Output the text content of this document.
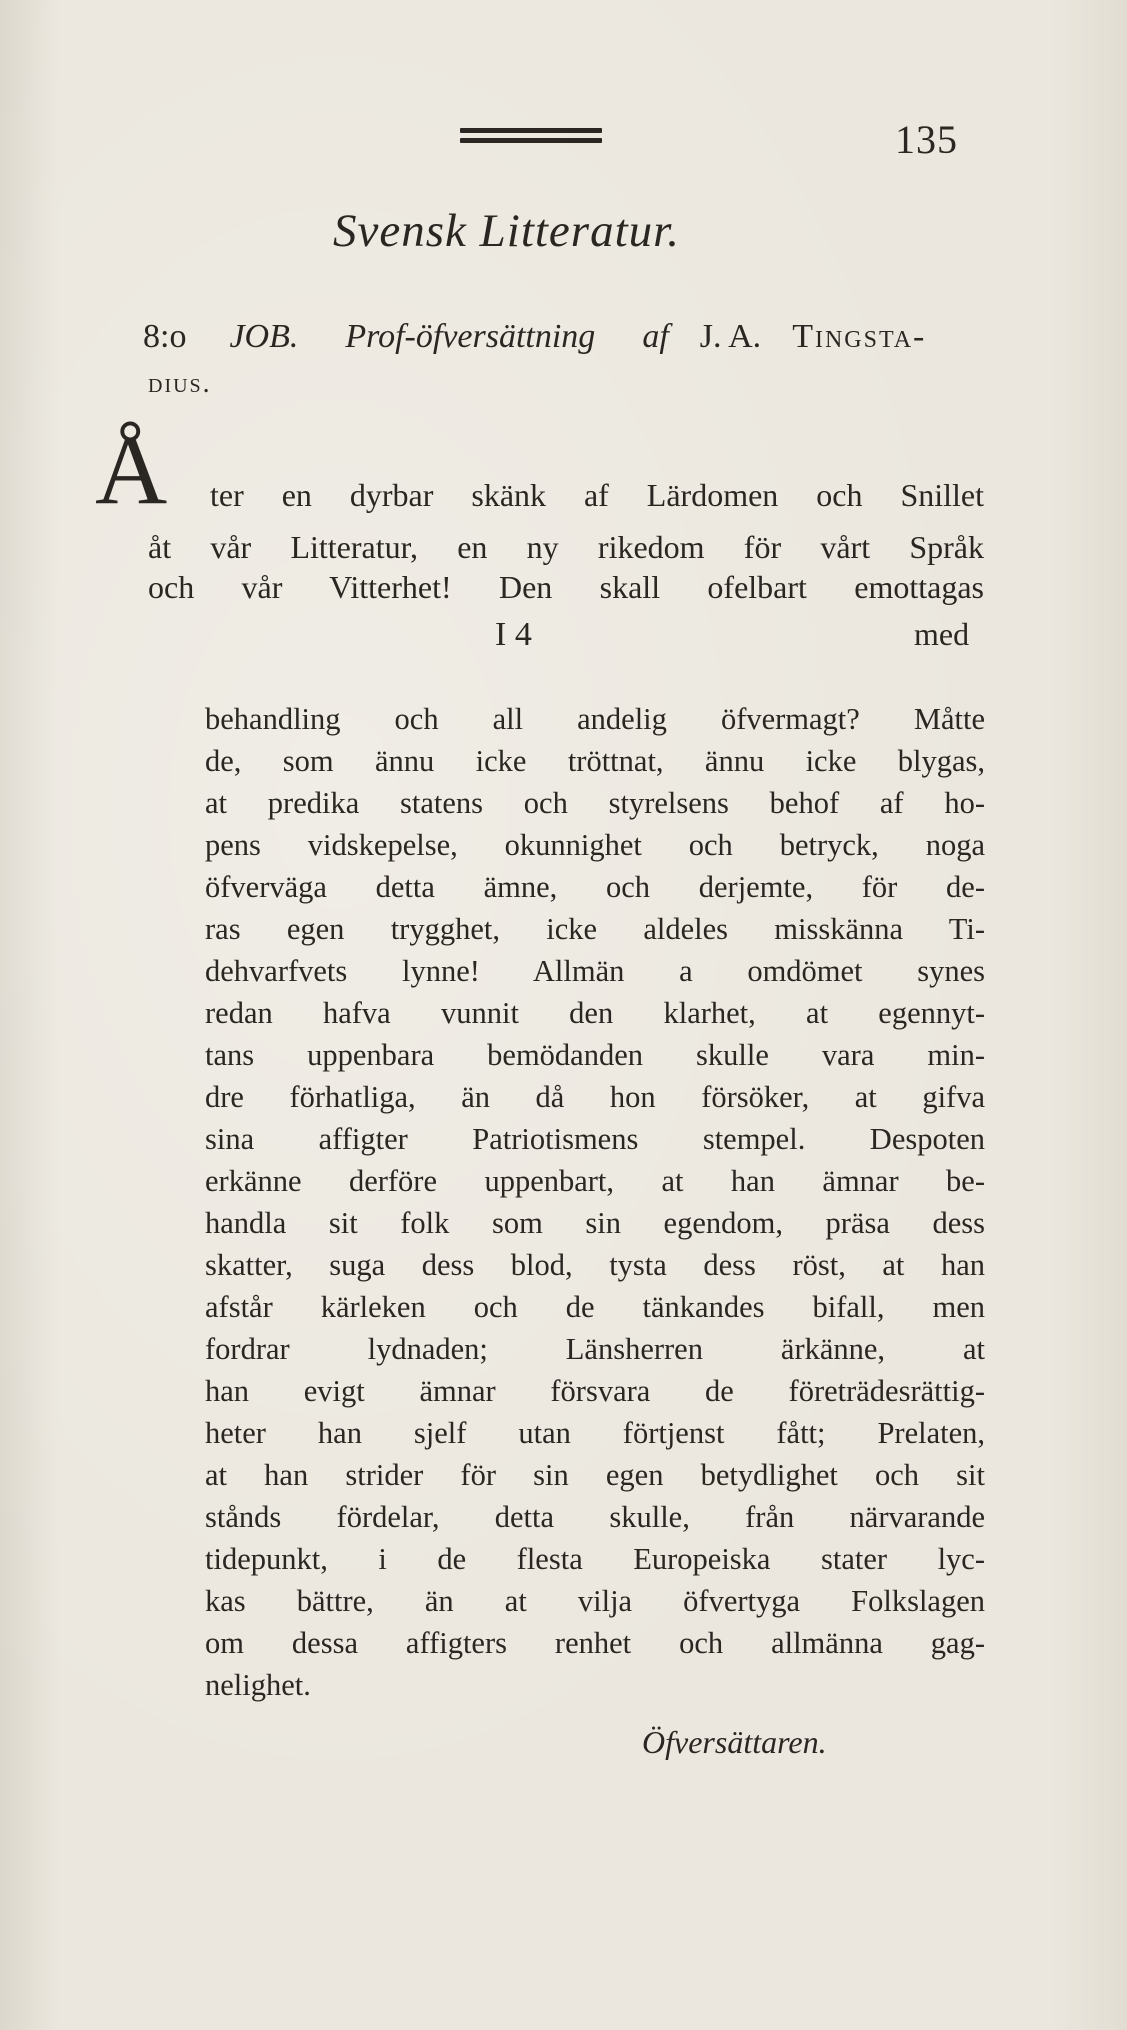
135
Svensk Litteratur.
8:o JOB. Prof-öfversättning af J. A. Tingsta-
dius.
Å ter en dyrbar skänk af Lärdomen och Snillet
åt vår Litteratur, en ny rikedom för vårt Språk
och vår Vitterhet! Den skall ofelbart emottagas
I 4	med
behandling och all andelig öfvermagt? Måtte
de, som ännu icke tröttnat, ännu icke blygas,
at predika statens och styrelsens behof af ho-
pens vidskepelse, okunnighet och betryck, noga
öfverväga detta ämne, och derjemte, för de-
ras egen trygghet, icke aldeles misskänna Ti-
dehvarfvets lynne! Allmän a omdömet synes
redan hafva vunnit den klarhet, at egennyt-
tans uppenbara bemödanden skulle vara min-
dre förhatliga, än då hon försöker, at gifva
sina affigter Patriotismens stempel. Despoten
erkänne derföre uppenbart, at han ämnar be-
handla sit folk som sin egendom, präsa dess
skatter, suga dess blod, tysta dess röst, at han
afstår kärleken och de tänkandes bifall, men
fordrar lydnaden; Länsherren ärkänne, at
han evigt ämnar försvara de företrädesrättig-
heter han sjelf utan förtjenst fått; Prelaten,
at han strider för sin egen betydlighet och sit
stånds fördelar, detta skulle, från närvarande
tidepunkt, i de flesta Europeiska stater lyc-
kas bättre, än at vilja öfvertyga Folkslagen
om dessa affigters renhet och allmänna gag-
nelighet.
Öfversättaren.
